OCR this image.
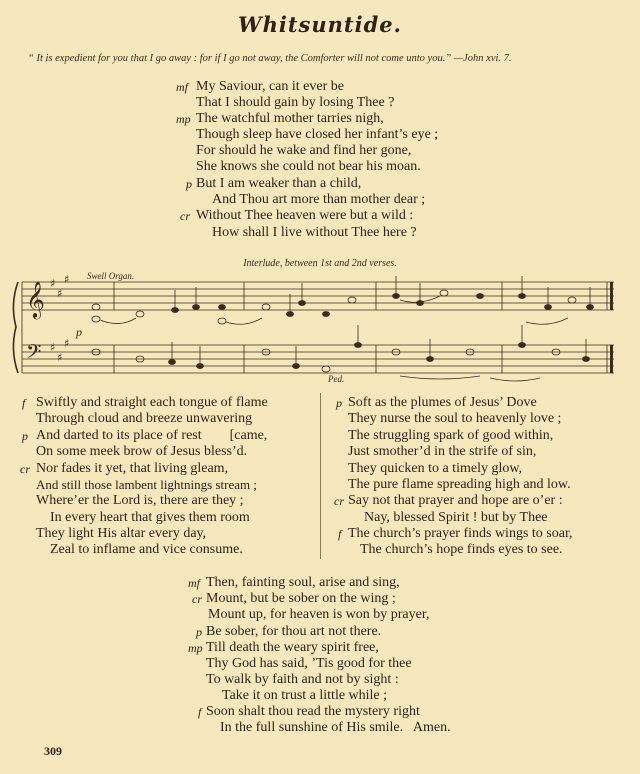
Whitsuntide.
“ It is expedient for you that I go away : for if I go not away, the Comforter will not come unto you.” —John xvi. 7.
mf My Saviour, can it ever be
That I should gain by losing Thee ?
mp The watchful mother tarries nigh,
Though sleep have closed her infant’s eye ;
For should he wake and find her gone,
She knows she could not bear his moan.
p But I am weaker than a child,
And Thou art more than mother dear ;
cr Without Thee heaven were but a wild :
How shall I live without Thee here ?
Interlude, between 1st and 2nd verses.
𝄞
𝄢
♯
♯
♯
♯
♯
♯
Swell Organ.
p
Ped.
f Swiftly and straight each tongue of flame
Through cloud and breeze unwavering
p And darted to its place of rest        [came,
On some meek brow of Jesus bless’d.
cr Nor fades it yet, that living gleam,
And still those lambent lightnings stream ;
Where’er the Lord is, there are they ;
In every heart that gives them room
They light His altar every day,
Zeal to inflame and vice consume.
p Soft as the plumes of Jesus’ Dove
They nurse the soul to heavenly love ;
The struggling spark of good within,
Just smother’d in the strife of sin,
They quicken to a timely glow,
The pure flame spreading high and low.
cr Say not that prayer and hope are o’er :
Nay, blessed Spirit ! but by Thee
f The church’s prayer finds wings to soar,
The church’s hope finds eyes to see.
mf Then, fainting soul, arise and sing,
cr Mount, but be sober on the wing ;
Mount up, for heaven is won by prayer,
p Be sober, for thou art not there.
mp Till death the weary spirit free,
Thy God has said, ’Tis good for thee
To walk by faith and not by sight :
Take it on trust a little while ;
f Soon shalt thou read the mystery right
In the full sunshine of His smile.   Amen.
309
